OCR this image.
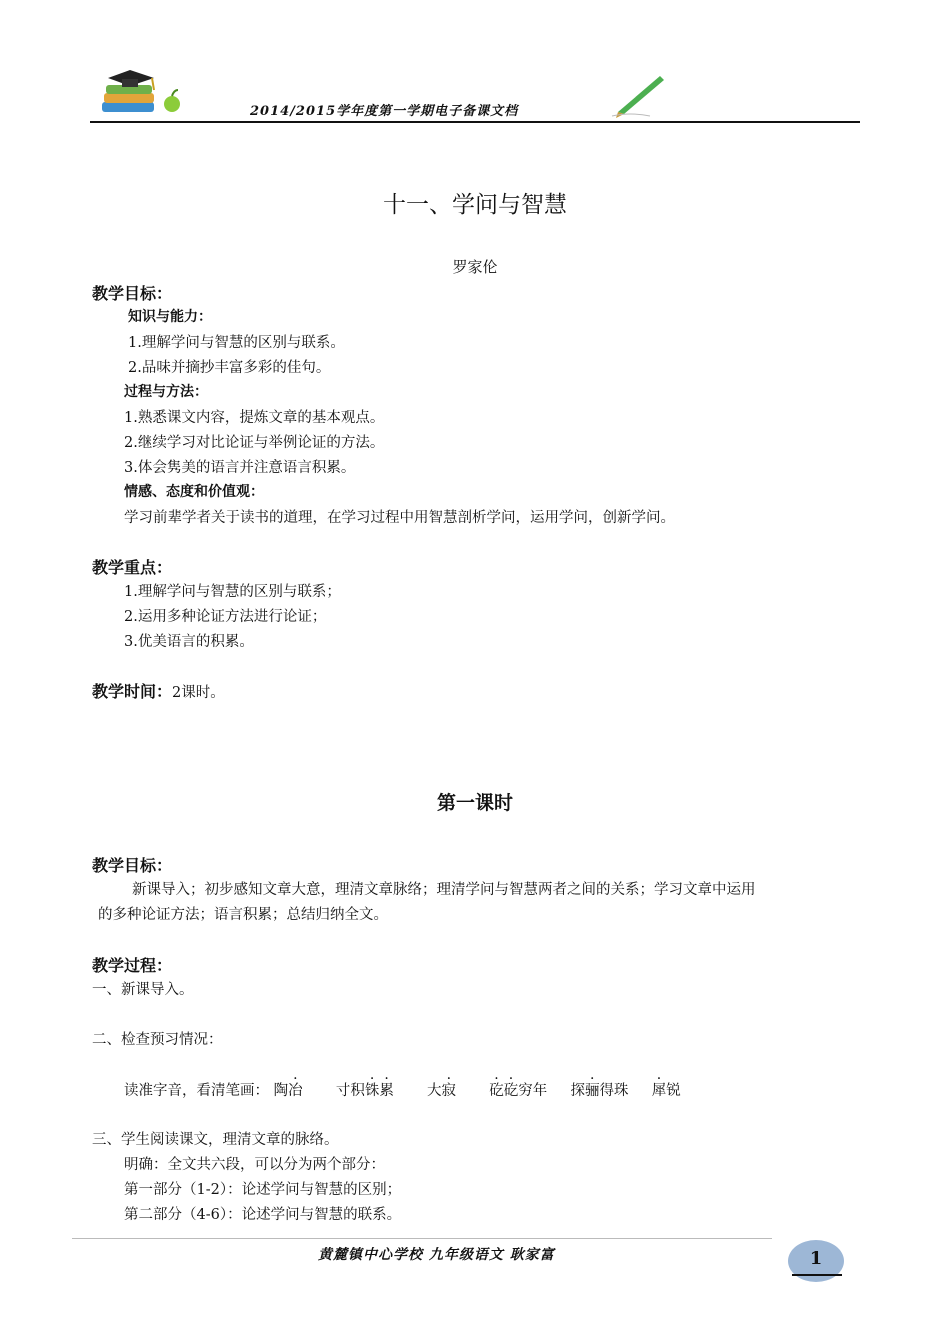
2014/2015学年度第一学期电子备课文档
十一、学问与智慧
罗家伦
教学目标：
知识与能力：
1.理解学问与智慧的区别与联系。
2.品味并摘抄丰富多彩的佳句。
过程与方法：
1.熟悉课文内容，提炼文章的基本观点。
2.继续学习对比论证与举例论证的方法。
3.体会隽美的语言并注意语言积累。
情感、态度和价值观：
学习前辈学者关于读书的道理，在学习过程中用智慧剖析学问，运用学问，创新学问。
教学重点：
1.理解学问与智慧的区别与联系；
2.运用多种论证方法进行论证；
3.优美语言的积累。
教学时间：2课时。
第一课时
教学目标：
新课导入；初步感知文章大意，理清文章脉络；理清学问与智慧两者之间的关系；学习文章中运用
的多种论证方法；语言积累；总结归纳全文。
教学过程：
一、新课导入。
二、检查预习情况：
读准字音，看清笔画： 陶冶 寸积铢累 大寂 矻矻穷年 探骊得珠 犀锐
三、学生阅读课文，理清文章的脉络。
明确：全文共六段，可以分为两个部分：
第一部分（1-2）：论述学问与智慧的区别；
第二部分（4-6）：论述学问与智慧的联系。
黄麓镇中心学校 九年级语文 耿家富	1
